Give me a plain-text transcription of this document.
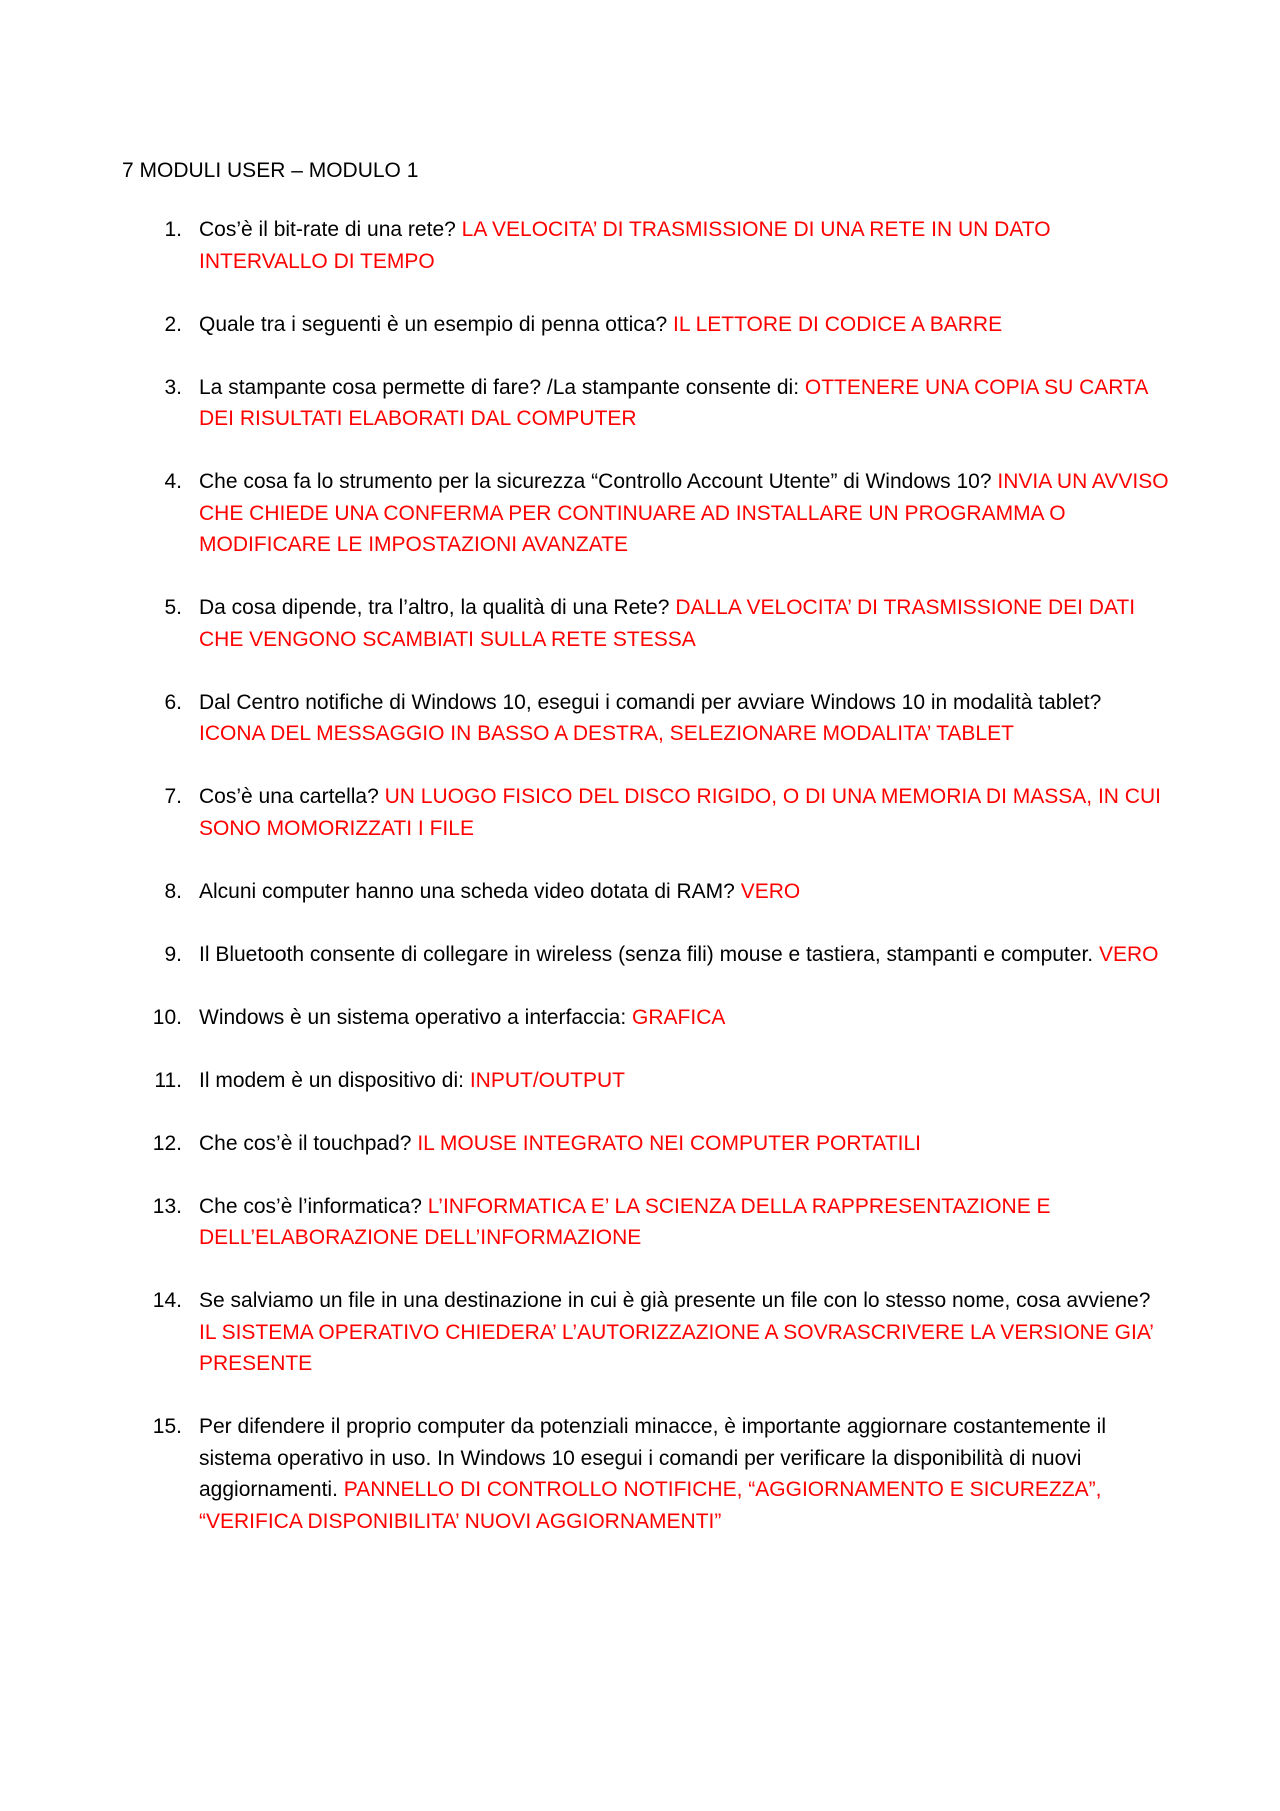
7 MODULI USER – MODULO 1
1. Cos’è il bit-rate di una rete? LA VELOCITA’ DI TRASMISSIONE DI UNA RETE IN UN DATO INTERVALLO DI TEMPO
2. Quale tra i seguenti è un esempio di penna ottica? IL LETTORE DI CODICE A BARRE
3. La stampante cosa permette di fare? /La stampante consente di: OTTENERE UNA COPIA SU CARTA DEI RISULTATI ELABORATI DAL COMPUTER
4. Che cosa fa lo strumento per la sicurezza “Controllo Account Utente” di Windows 10? INVIA UN AVVISO CHE CHIEDE UNA CONFERMA PER CONTINUARE AD INSTALLARE UN PROGRAMMA O MODIFICARE LE IMPOSTAZIONI AVANZATE
5. Da cosa dipende, tra l’altro, la qualità di una Rete? DALLA VELOCITA’ DI TRASMISSIONE DEI DATI CHE VENGONO SCAMBIATI SULLA RETE STESSA
6. Dal Centro notifiche di Windows 10, esegui i comandi per avviare Windows 10 in modalità tablet? ICONA DEL MESSAGGIO IN BASSO A DESTRA, SELEZIONARE MODALITA’ TABLET
7. Cos’è una cartella? UN LUOGO FISICO DEL DISCO RIGIDO, O DI UNA MEMORIA DI MASSA, IN CUI SONO MOMORIZZATI I FILE
8. Alcuni computer hanno una scheda video dotata di RAM? VERO
9. Il Bluetooth consente di collegare in wireless (senza fili) mouse e tastiera, stampanti e computer. VERO
10. Windows è un sistema operativo a interfaccia: GRAFICA
11. Il modem è un dispositivo di: INPUT/OUTPUT
12. Che cos’è il touchpad? IL MOUSE INTEGRATO NEI COMPUTER PORTATILI
13. Che cos’è l’informatica? L’INFORMATICA E’ LA SCIENZA DELLA RAPPRESENTAZIONE E DELL’ELABORAZIONE DELL’INFORMAZIONE
14. Se salviamo un file in una destinazione in cui è già presente un file con lo stesso nome, cosa avviene? IL SISTEMA OPERATIVO CHIEDERA’ L’AUTORIZZAZIONE A SOVRASCRIVERE LA VERSIONE GIA’ PRESENTE
15. Per difendere il proprio computer da potenziali minacce, è importante aggiornare costantemente il sistema operativo in uso. In Windows 10 esegui i comandi per verificare la disponibilità di nuovi aggiornamenti. PANNELLO DI CONTROLLO NOTIFICHE, “AGGIORNAMENTO E SICUREZZA”, “VERIFICA DISPONIBILITA’ NUOVI AGGIORNAMENTI”
